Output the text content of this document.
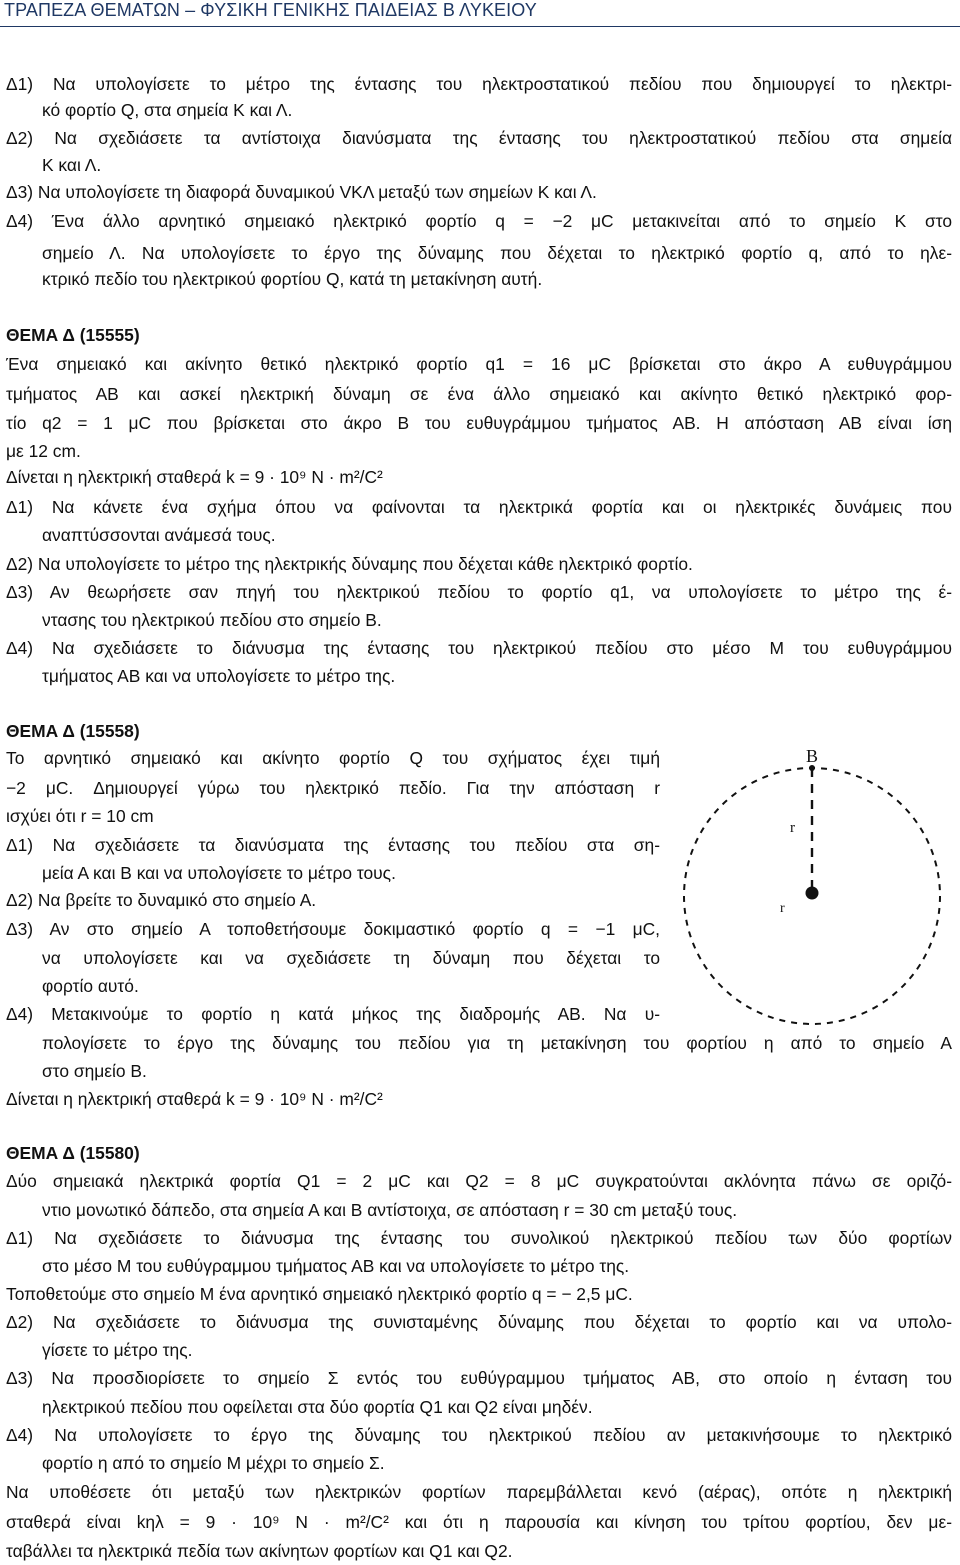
ΤΡΑΠΕΖΑ ΘΕΜΑΤΩΝ – ΦΥΣΙΚΗ ΓΕΝΙΚΗΣ ΠΑΙΔΕΙΑΣ Β ΛΥΚΕΙΟΥ
Δ1) Να υπολογίσετε το μέτρο της έντασης του ηλεκτροστατικού πεδίου που δημιουργεί το ηλεκτρι-
κό φορτίο Q, στα σημεία Κ και Λ.
Δ2) Να σχεδιάσετε τα αντίστοιχα διανύσματα της έντασης του ηλεκτροστατικού πεδίου στα σημεία
Κ και Λ.
Δ3) Να υπολογίσετε τη διαφορά δυναμικού VΚΛ μεταξύ των σημείων Κ και Λ.
Δ4) Ένα άλλο αρνητικό σημειακό ηλεκτρικό φορτίο q = −2 μC μετακινείται από το σημείο Κ στο
σημείο Λ. Να υπολογίσετε το έργο της δύναμης που δέχεται το ηλεκτρικό φορτίο q, από το ηλε-
κτρικό πεδίο του ηλεκτρικού φορτίου Q, κατά τη μετακίνηση αυτή.
ΘΕΜΑ Δ (15555)
Ένα σημειακό και ακίνητο θετικό ηλεκτρικό φορτίο q1 = 16 μC βρίσκεται στο άκρο Α ευθυγράμμου
τμήματος ΑΒ και ασκεί ηλεκτρική δύναμη σε ένα άλλο σημειακό και ακίνητο θετικό ηλεκτρικό φορ-
τίο q2 = 1 μC που βρίσκεται στο άκρο Β του ευθυγράμμου τμήματος ΑΒ. Η απόσταση ΑΒ είναι ίση
με 12 cm.
Δίνεται η ηλεκτρική σταθερά k = 9 · 10⁹ N · m²/C²
Δ1) Να κάνετε ένα σχήμα όπου να φαίνονται τα ηλεκτρικά φορτία και οι ηλεκτρικές δυνάμεις που
αναπτύσσονται ανάμεσά τους.
Δ2) Να υπολογίσετε το μέτρο της ηλεκτρικής δύναμης που δέχεται κάθε ηλεκτρικό φορτίο.
Δ3) Αν θεωρήσετε σαν πηγή του ηλεκτρικού πεδίου το φορτίο q1, να υπολογίσετε το μέτρο της έ-
ντασης του ηλεκτρικού πεδίου στο σημείο Β.
Δ4) Να σχεδιάσετε το διάνυσμα της έντασης του ηλεκτρικού πεδίου στο μέσο Μ του ευθυγράμμου
τμήματος ΑΒ και να υπολογίσετε το μέτρο της.
ΘΕΜΑ Δ (15558)
Το αρνητικό σημειακό και ακίνητο φορτίο Q του σχήματος έχει τιμή
−2 μC. Δημιουργεί γύρω του ηλεκτρικό πεδίο. Για την απόσταση r
ισχύει ότι r = 10 cm
Δ1) Να σχεδιάσετε τα διανύσματα της έντασης του πεδίου στα ση-
μεία Α και Β και να υπολογίσετε το μέτρο τους.
Δ2) Να βρείτε το δυναμικό στο σημείο Α.
Δ3) Αν στο σημείο Α τοποθετήσουμε δοκιμαστικό φορτίο q = −1 μC,
να υπολογίσετε και να σχεδιάσετε τη δύναμη που δέχεται το
φορτίο αυτό.
Δ4) Μετακινούμε το φορτίο η κατά μήκος της διαδρομής ΑΒ. Να υ-
πολογίσετε το έργο της δύναμης του πεδίου για τη μετακίνηση του φορτίου η από το σημείο Α
στο σημείο Β.
Δίνεται η ηλεκτρική σταθερά k = 9 · 10⁹ N · m²/C²
B
r
r
ΘΕΜΑ Δ (15580)
Δύο σημειακά ηλεκτρικά φορτία Q1 = 2 μC και Q2 = 8 μC συγκρατούνται ακλόνητα πάνω σε οριζό-
ντιο μονωτικό δάπεδο, στα σημεία Α και Β αντίστοιχα, σε απόσταση r = 30 cm μεταξύ τους.
Δ1) Να σχεδιάσετε το διάνυσμα της έντασης του συνολικού ηλεκτρικού πεδίου των δύο φορτίων
στο μέσο Μ του ευθύγραμμου τμήματος ΑΒ και να υπολογίσετε το μέτρο της.
Τοποθετούμε στο σημείο Μ ένα αρνητικό σημειακό ηλεκτρικό φορτίο q = − 2,5 μC.
Δ2) Να σχεδιάσετε το διάνυσμα της συνισταμένης δύναμης που δέχεται το φορτίο και να υπολο-
γίσετε το μέτρο της.
Δ3) Να προσδιορίσετε το σημείο Σ εντός του ευθύγραμμου τμήματος ΑΒ, στο οποίο η ένταση του
ηλεκτρικού πεδίου που οφείλεται στα δύο φορτία Q1 και Q2 είναι μηδέν.
Δ4) Να υπολογίσετε το έργο της δύναμης του ηλεκτρικού πεδίου αν μετακινήσουμε το ηλεκτρικό
φορτίο η από το σημείο Μ μέχρι το σημείο Σ.
Να υποθέσετε ότι μεταξύ των ηλεκτρικών φορτίων παρεμβάλλεται κενό (αέρας), οπότε η ηλεκτρική
σταθερά είναι kηλ = 9 · 10⁹ N · m²/C² και ότι η παρουσία και κίνηση του τρίτου φορτίου, δεν με-
ταβάλλει τα ηλεκτρικά πεδία των ακίνητων φορτίων και Q1 και Q2.
